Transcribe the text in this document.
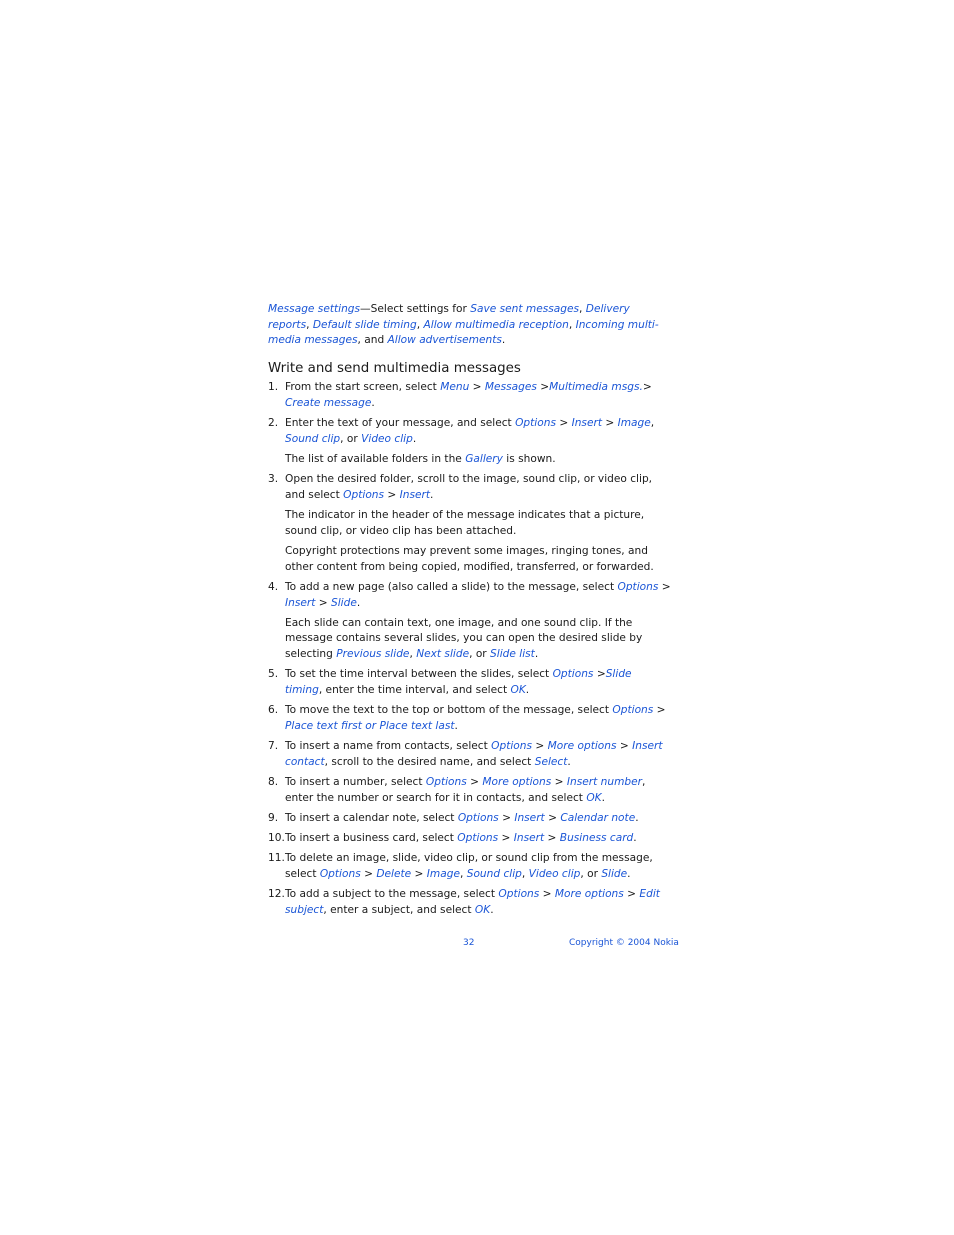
Message settings—Select settings for Save sent messages, Delivery reports, Default slide timing, Allow multimedia reception, Incoming multi- media messages, and Allow advertisements.

Write and send multimedia messages
1. From the start screen, select Menu > Messages >Multimedia msgs.> Create message.
2. Enter the text of your message, and select Options > Insert > Image, Sound clip, or Video clip.
The list of available folders in the Gallery is shown.
3. Open the desired folder, scroll to the image, sound clip, or video clip, and select Options > Insert.
The indicator in the header of the message indicates that a picture, sound clip, or video clip has been attached.
Copyright protections may prevent some images, ringing tones, and other content from being copied, modified, transferred, or forwarded.
4. To add a new page (also called a slide) to the message, select Options > Insert > Slide.
Each slide can contain text, one image, and one sound clip. If the message contains several slides, you can open the desired slide by selecting Previous slide, Next slide, or Slide list.
5. To set the time interval between the slides, select Options >Slide timing, enter the time interval, and select OK.
6. To move the text to the top or bottom of the message, select Options > Place text first or Place text last.
7. To insert a name from contacts, select Options > More options > Insert contact, scroll to the desired name, and select Select.
8. To insert a number, select Options > More options > Insert number, enter the number or search for it in contacts, and select OK.
9. To insert a calendar note, select Options > Insert > Calendar note.
10. To insert a business card, select Options > Insert > Business card.
11. To delete an image, slide, video clip, or sound clip from the message, select Options > Delete > Image, Sound clip, Video clip, or Slide.
12. To add a subject to the message, select Options > More options > Edit subject, enter a subject, and select OK.
32	Copyright © 2004 Nokia
